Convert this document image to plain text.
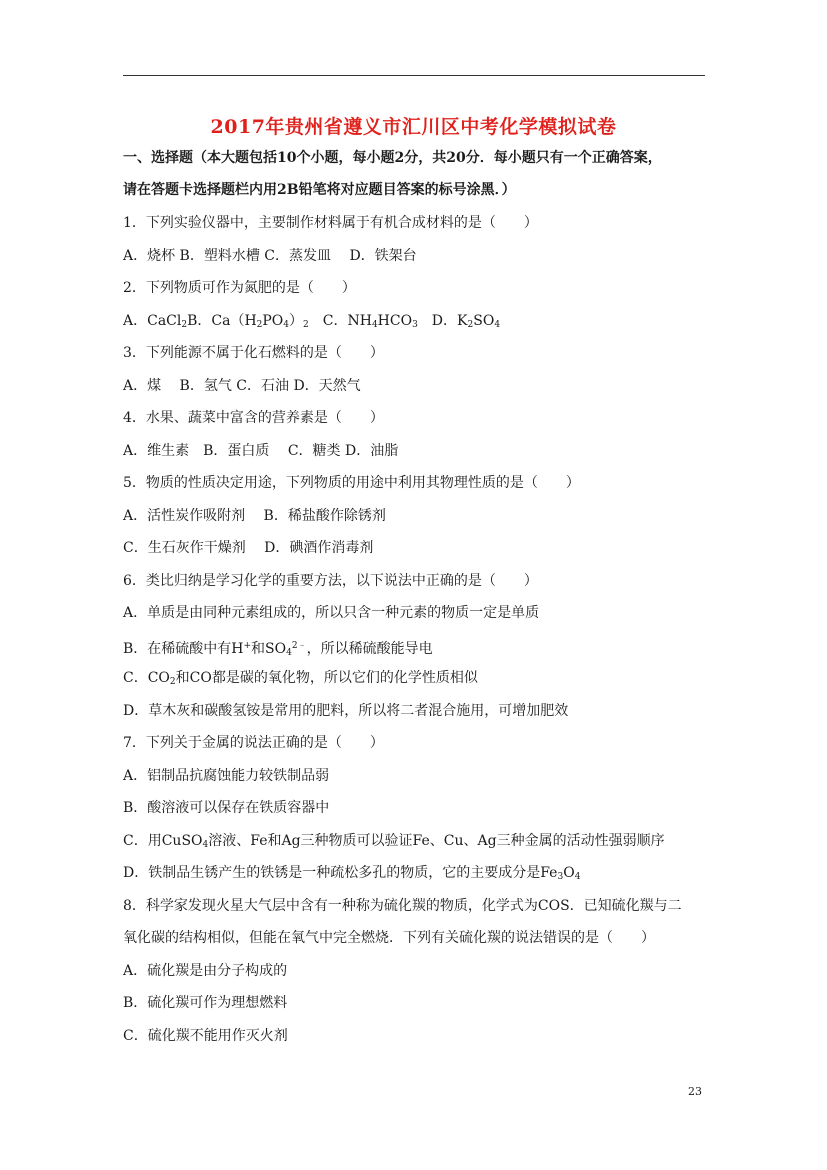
2017年贵州省遵义市汇川区中考化学模拟试卷
一、选择题（本大题包括10个小题，每小题2分，共20分．每小题只有一个正确答案，
请在答题卡选择题栏内用2B铅笔将对应题目答案的标号涂黑．）
1．下列实验仪器中，主要制作材料属于有机合成材料的是（　　）
A．烧杯 B．塑料水槽 C．蒸发皿　 D．铁架台
2．下列物质可作为氮肥的是（　　）
A．CaCl$_2$B．$Ca(H_2PO_4)_2$　C．$NH_4HCO_3$　D．$K_2SO_4$
3．下列能源不属于化石燃料的是（　　）
A．煤　 B．氢气 C．石油 D．天然气
4．水果、蔬菜中富含的营养素是（　　）
A．维生素　B．蛋白质　 C．糖类 D．油脂
5．物质的性质决定用途，下列物质的用途中利用其物理性质的是（　　）
A．活性炭作吸附剂　 B．稀盐酸作除锈剂
C．生石灰作干燥剂　 D．碘酒作消毒剂
6．类比归纳是学习化学的重要方法，以下说法中正确的是（　　）
A．单质是由同种元素组成的，所以只含一种元素的物质一定是单质
B．在稀硫酸中有H+和$SO_4^{2﹣}$，所以稀硫酸能导电
C．$CO_2$和CO都是碳的氧化物，所以它们的化学性质相似
D．草木灰和碳酸氢铵是常用的肥料，所以将二者混合施用，可增加肥效
7．下列关于金属的说法正确的是（　　）
A．铝制品抗腐蚀能力较铁制品弱
B．酸溶液可以保存在铁质容器中
C．用CuSO$_4$溶液、Fe和Ag三种物质可以验证Fe、Cu、Ag三种金属的活动性强弱顺序
D．铁制品生锈产生的铁锈是一种疏松多孔的物质，它的主要成分是$Fe_3O_4$
8．科学家发现火星大气层中含有一种称为硫化羰的物质，化学式为COS．已知硫化羰与二
氧化碳的结构相似，但能在氧气中完全燃烧．下列有关硫化羰的说法错误的是（　　）
A．硫化羰是由分子构成的
B．硫化羰可作为理想燃料
C．硫化羰不能用作灭火剂
23
